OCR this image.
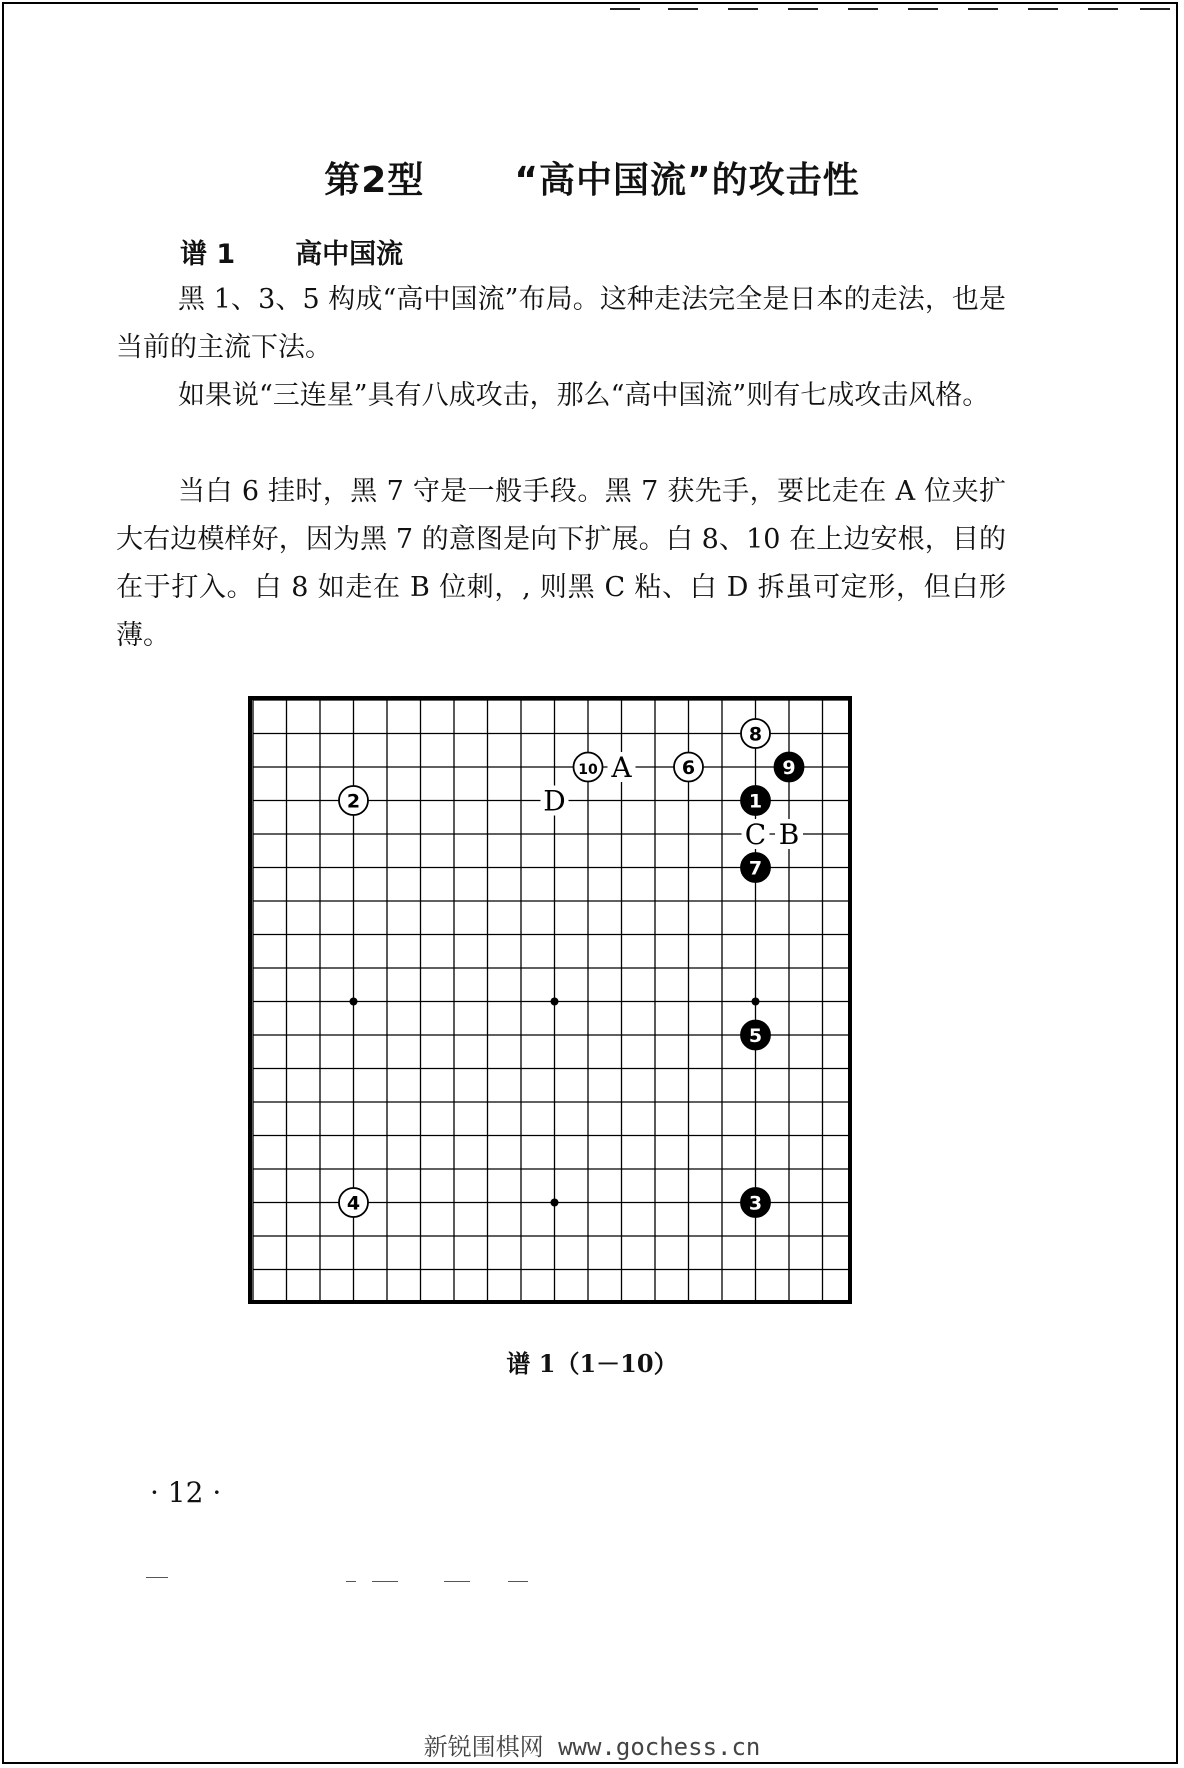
第2型	“高中国流”的攻击性
谱 1 高中国流

黑 1、3、5 构成“高中国流”布局。这种走法完全是日本的走法，也是当前的主流下法。

如果说“三连星”具有八成攻击，那么“高中国流”则有七成攻击风格。

当白 6 挂时，黑 7 守是一般手段。黑 7 获先手，要比走在 A 位夹扩大右边模样好，因为黑 7 的意图是向下扩展。白 8、10 在上边安根，目的在于打入。白 8 如走在 B 位刺，, 则黑 C 粘、白 D 拆虽可定形，但白形薄。

A
B
C
D	1
2
3
4
5
6
7
8
9
10
谱 1（1－10）
· 12 ·
新锐围棋网 www.gochess.cn
